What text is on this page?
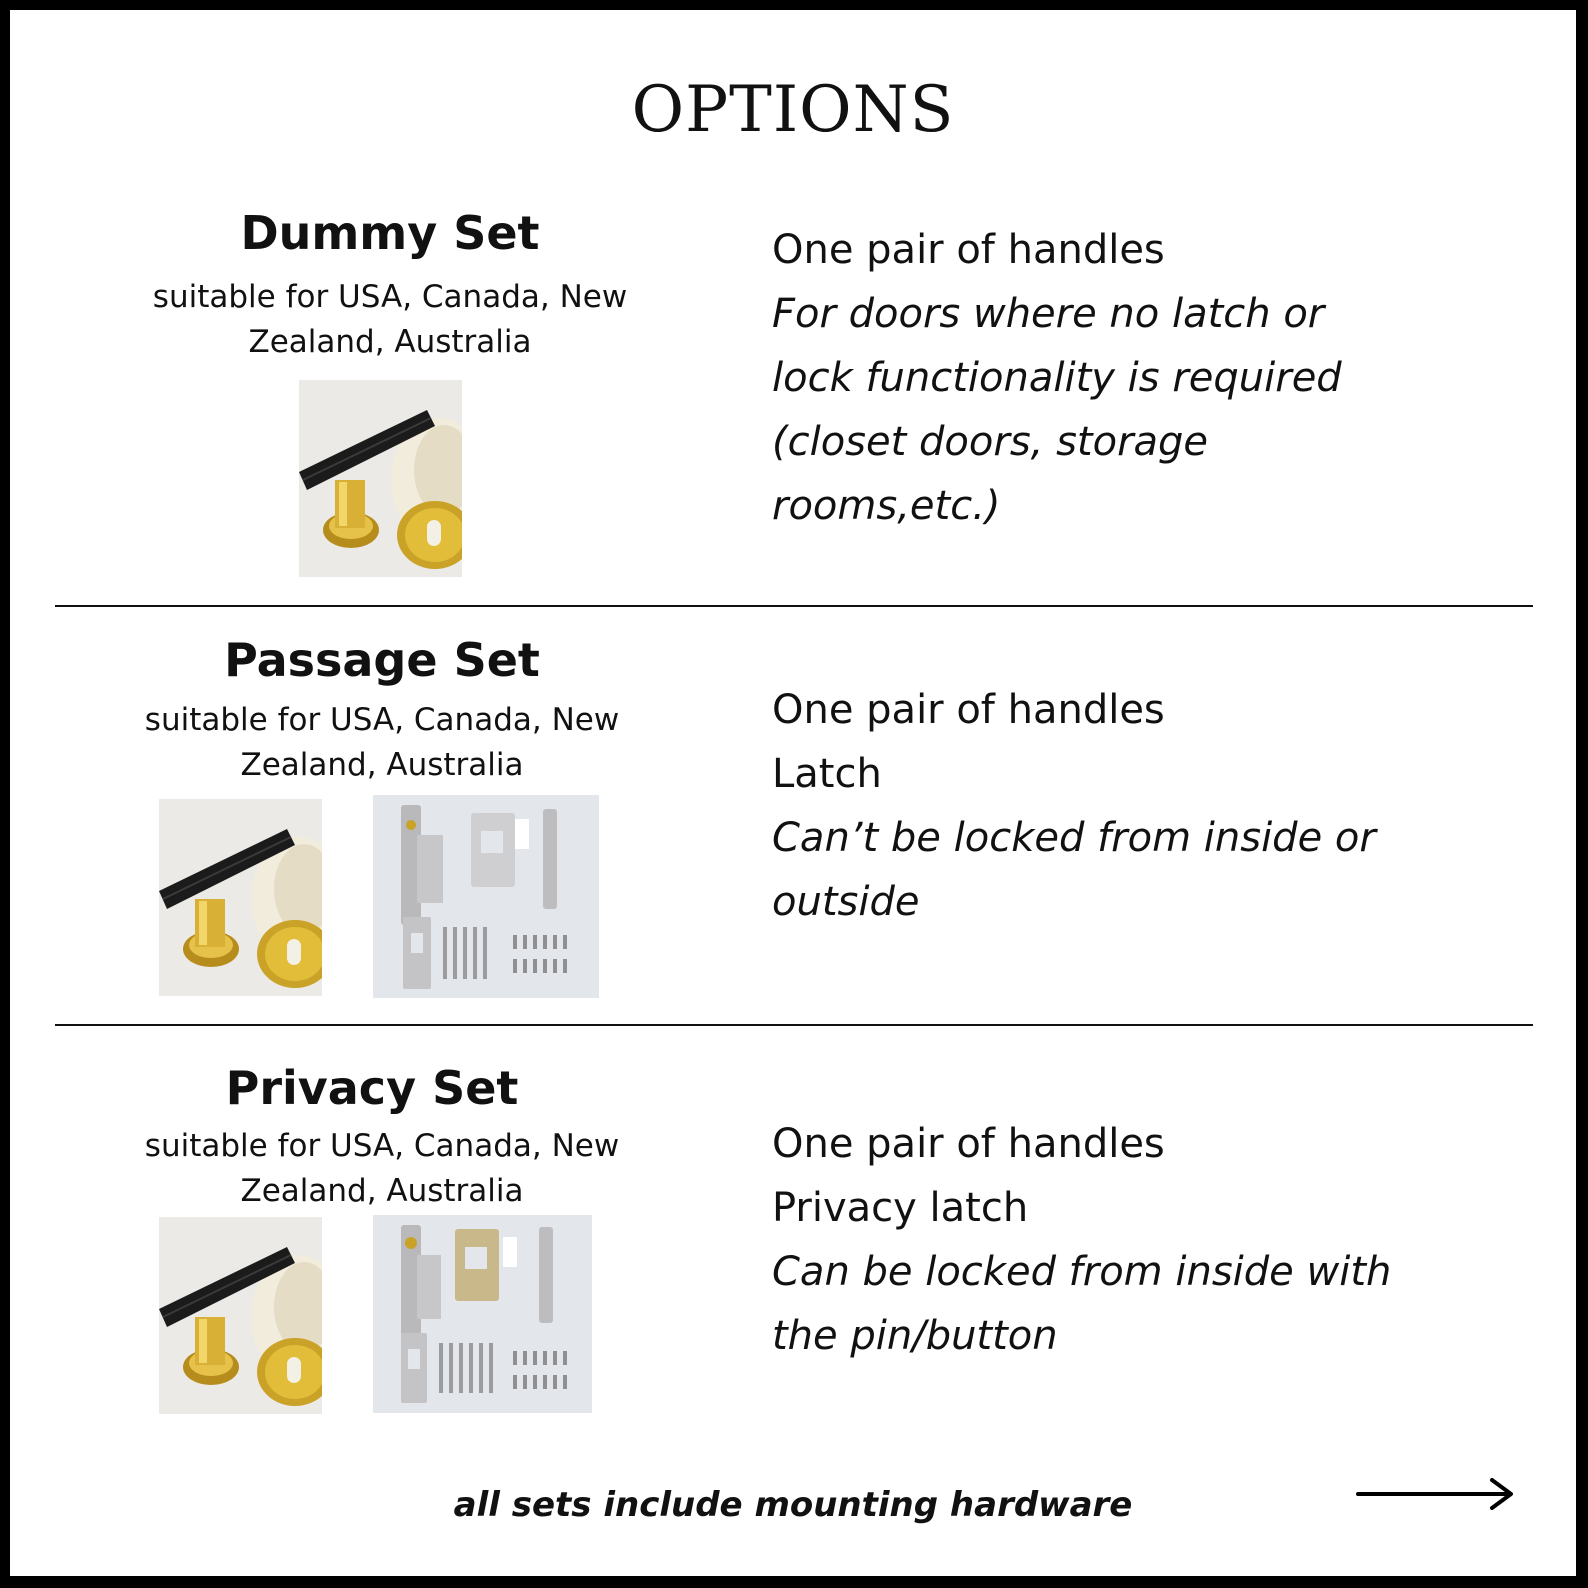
OPTIONS
Dummy Set
suitable for USA, Canada, New Zealand, Australia
One pair of handles
For doors where no latch or
lock functionality is required
(closet doors, storage
rooms,etc.)
Passage Set
suitable for USA, Canada, New Zealand, Australia
One pair of handles
Latch
Can’t be locked from inside or
outside
Privacy Set
suitable for USA, Canada, New Zealand, Australia
One pair of handles
Privacy latch
Can be locked from inside with
the pin/button
all sets include mounting hardware
